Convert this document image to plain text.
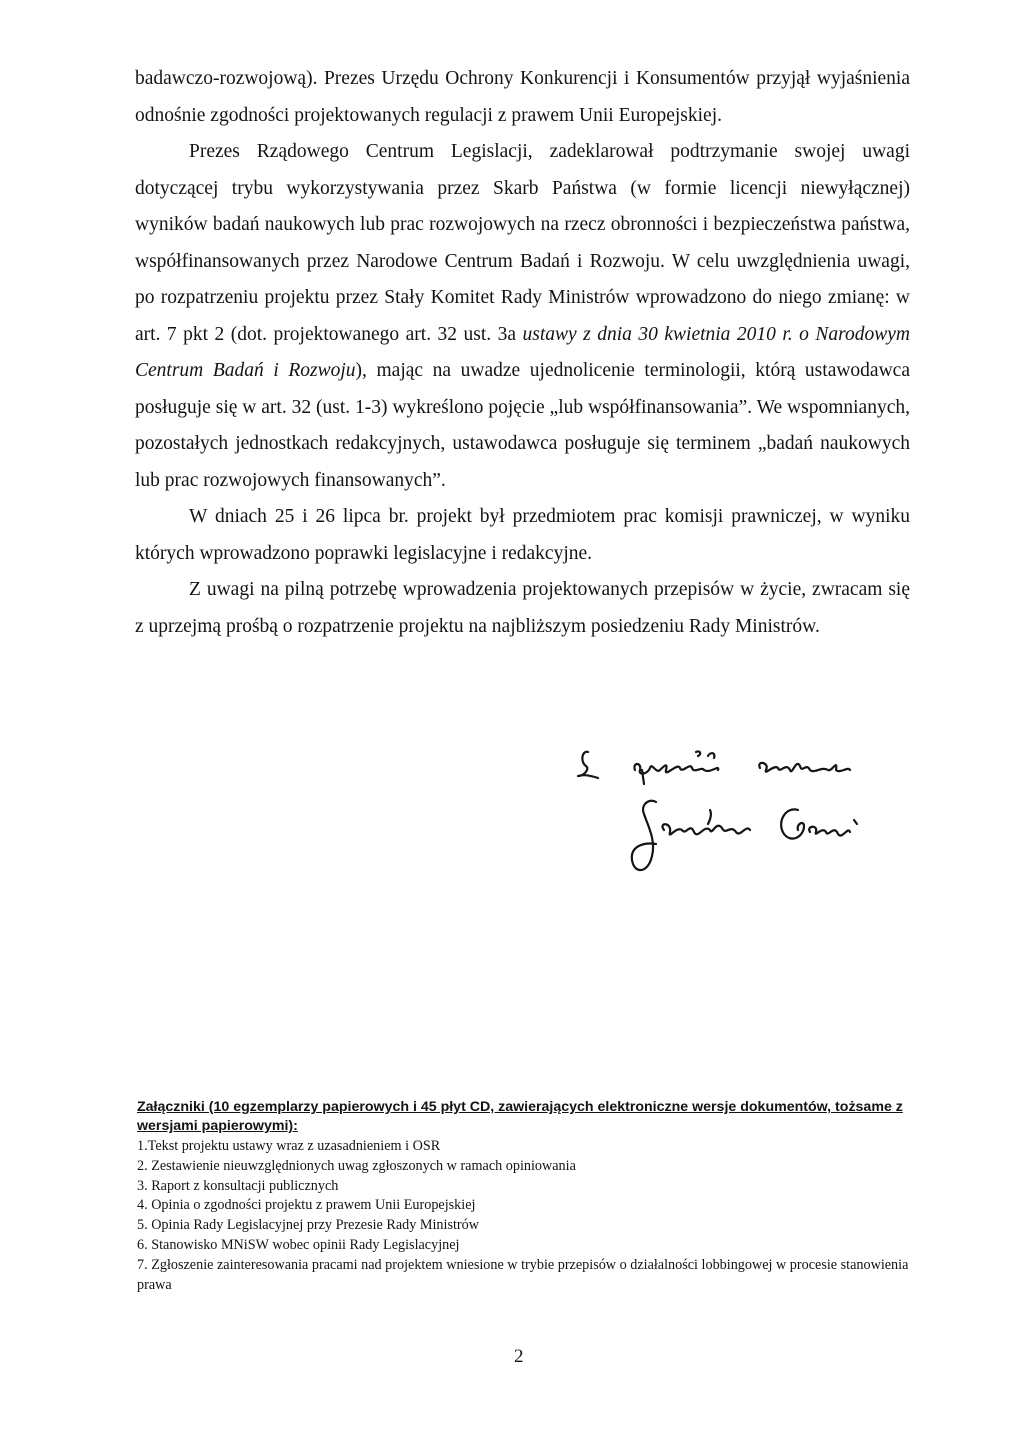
badawczo-rozwojową). Prezes Urzędu Ochrony Konkurencji i Konsumentów przyjął wyjaśnienia odnośnie zgodności projektowanych regulacji z prawem Unii Europejskiej.

Prezes Rządowego Centrum Legislacji, zadeklarował podtrzymanie swojej uwagi dotyczącej trybu wykorzystywania przez Skarb Państwa (w formie licencji niewyłącznej) wyników badań naukowych lub prac rozwojowych na rzecz obronności i bezpieczeństwa państwa, współfinansowanych przez Narodowe Centrum Badań i Rozwoju. W celu uwzględnienia uwagi, po rozpatrzeniu projektu przez Stały Komitet Rady Ministrów wprowadzono do niego zmianę: w art. 7 pkt 2 (dot. projektowanego art. 32 ust. 3a ustawy z dnia 30 kwietnia 2010 r. o Narodowym Centrum Badań i Rozwoju), mając na uwadze ujednolicenie terminologii, którą ustawodawca posługuje się w art. 32 (ust. 1-3) wykreślono pojęcie „lub współfinansowania”. We wspomnianych, pozostałych jednostkach redakcyjnych, ustawodawca posługuje się terminem „badań naukowych lub prac rozwojowych finansowanych”.

W dniach 25 i 26 lipca br. projekt był przedmiotem prac komisji prawniczej, w wyniku których wprowadzono poprawki legislacyjne i redakcyjne.

Z uwagi na pilną potrzebę wprowadzenia projektowanych przepisów w życie, zwracam się z uprzejmą prośbą o rozpatrzenie projektu na najbliższym posiedzeniu Rady Ministrów.

Załączniki (10 egzemplarzy papierowych i 45 płyt CD, zawierających elektroniczne wersje dokumentów, tożsame z wersjami papierowymi):
1.Tekst projektu ustawy wraz z uzasadnieniem i OSR
2. Zestawienie nieuwzględnionych uwag zgłoszonych w ramach opiniowania
3. Raport z konsultacji publicznych
4. Opinia o zgodności projektu z prawem Unii Europejskiej
5. Opinia Rady Legislacyjnej przy Prezesie Rady Ministrów
6. Stanowisko MNiSW wobec opinii Rady Legislacyjnej
7. Zgłoszenie zainteresowania pracami nad projektem wniesione w trybie przepisów o działalności lobbingowej w procesie stanowienia prawa
2
